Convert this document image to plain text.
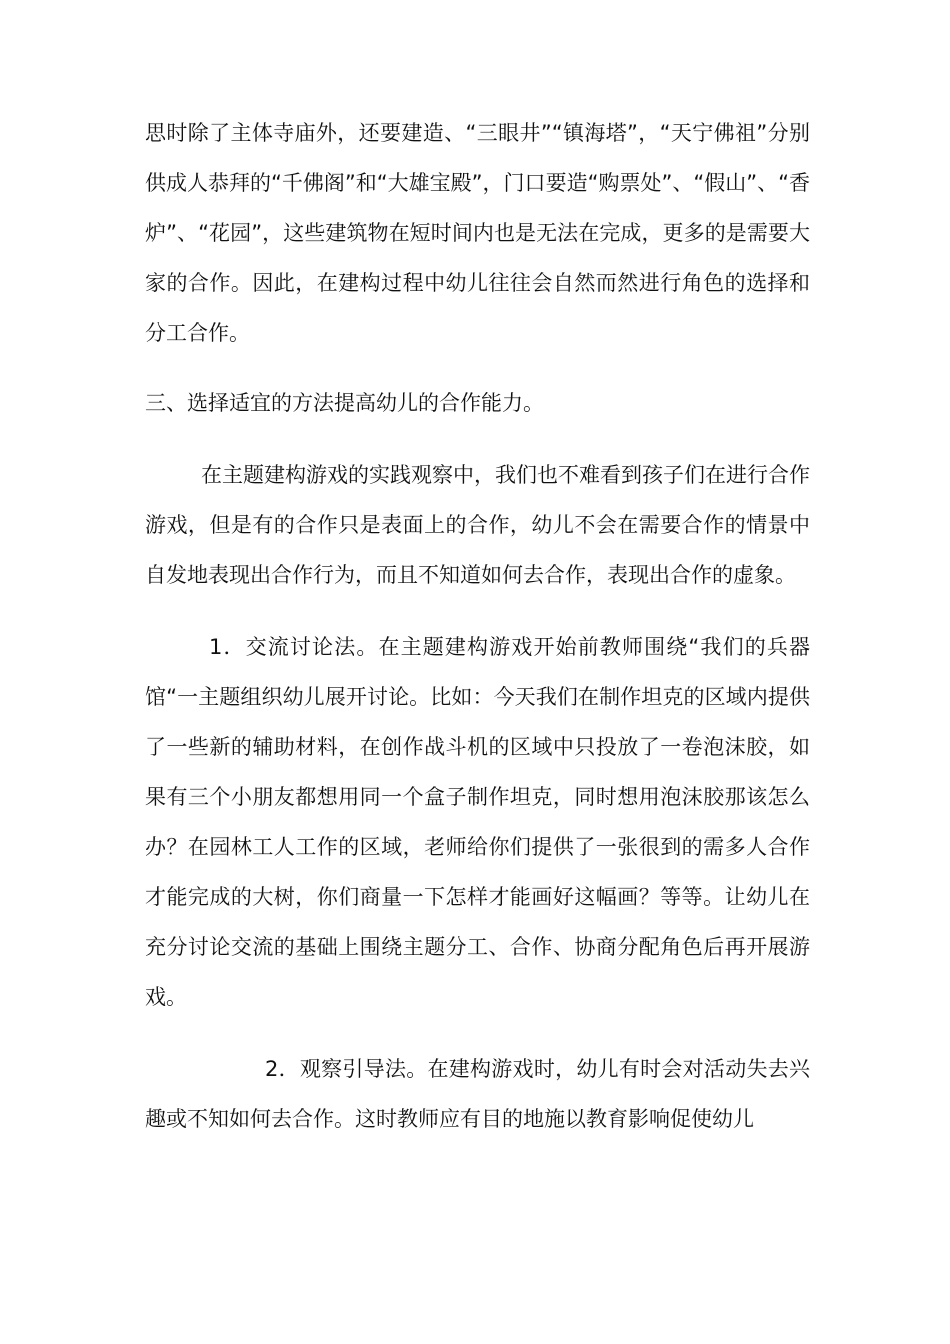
思时除了主体寺庙外，还要建造、“三眼井”“镇海塔”，“天宁佛祖”分别供成人恭拜的“千佛阁”和“大雄宝殿”，门口要造“购票处”、“假山”、“香炉”、“花园”，这些建筑物在短时间内也是无法在完成，更多的是需要大家的合作。因此，在建构过程中幼儿往往会自然而然进行角色的选择和分工合作。

三、选择适宜的方法提高幼儿的合作能力。

在主题建构游戏的实践观察中，我们也不难看到孩子们在进行合作游戏，但是有的合作只是表面上的合作，幼儿不会在需要合作的情景中自发地表现出合作行为，而且不知道如何去合作，表现出合作的虚象。

1．交流讨论法。在主题建构游戏开始前教师围绕“我们的兵器馆“一主题组织幼儿展开讨论。比如：今天我们在制作坦克的区域内提供了一些新的辅助材料，在创作战斗机的区域中只投放了一卷泡沫胶，如果有三个小朋友都想用同一个盒子制作坦克，同时想用泡沫胶那该怎么办？在园林工人工作的区域，老师给你们提供了一张很到的需多人合作才能完成的大树，你们商量一下怎样才能画好这幅画？等等。让幼儿在充分讨论交流的基础上围绕主题分工、合作、协商分配角色后再开展游戏。

2．观察引导法。在建构游戏时，幼儿有时会对活动失去兴趣或不知如何去合作。这时教师应有目的地施以教育影响促使幼儿
